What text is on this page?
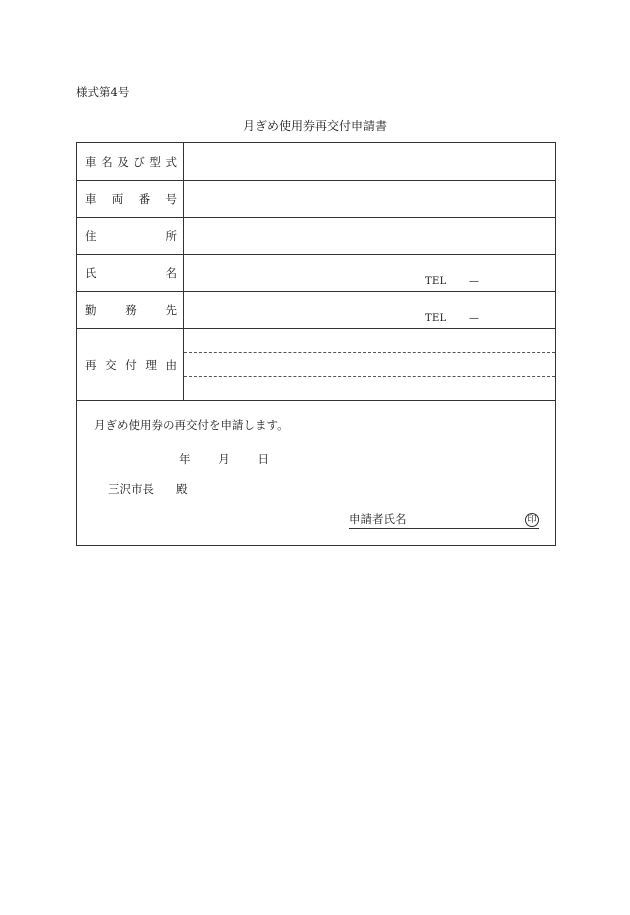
様式第4号
月ぎめ使用券再交付申請書
車 名 及 び 型 式
車 両 番 号
住	所
氏	名
TEL —
勤	務	先
TEL —
再 交 付 理 由
月ぎめ使用券の再交付を申請します。
年 月 日
三沢市長 殿
申請者氏名	印
